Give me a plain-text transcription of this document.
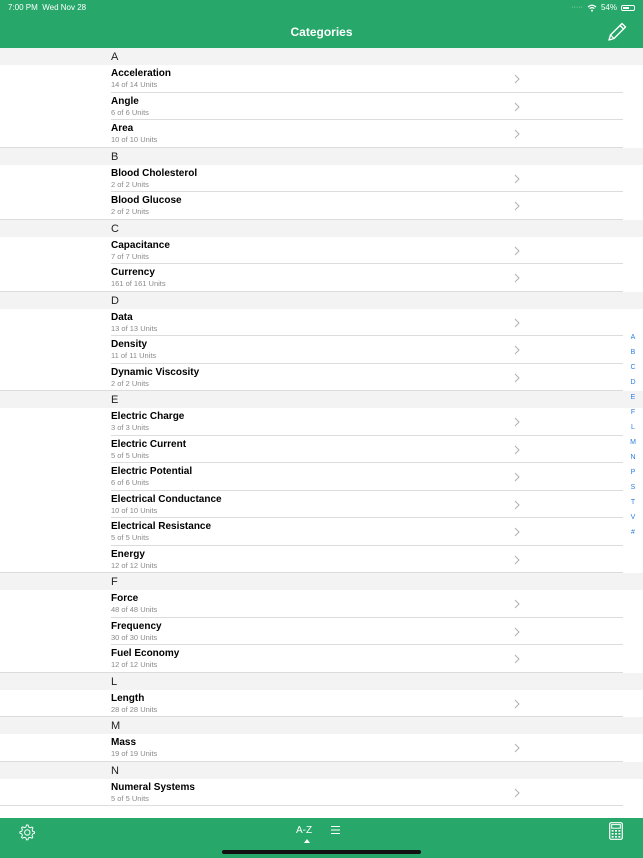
7:00 PM Wed Nov 28	····· 54%
Categories
A
Acceleration
14 of 14 Units
Angle
6 of 6 Units
Area
10 of 10 Units
B
Blood Cholesterol
2 of 2 Units
Blood Glucose
2 of 2 Units
C
Capacitance
7 of 7 Units
Currency
161 of 161 Units
D
Data
13 of 13 Units
Density
11 of 11 Units
Dynamic Viscosity
2 of 2 Units
E
Electric Charge
3 of 3 Units
Electric Current
5 of 5 Units
Electric Potential
6 of 6 Units
Electrical Conductance
10 of 10 Units
Electrical Resistance
5 of 5 Units
Energy
12 of 12 Units
F
Force
48 of 48 Units
Frequency
30 of 30 Units
Fuel Economy
12 of 12 Units
L
Length
28 of 28 Units
M
Mass
19 of 19 Units
N
Numeral Systems
5 of 5 Units
A
B
C
D
E
F
L
M
N
P
S
T
V
#
A-Z
